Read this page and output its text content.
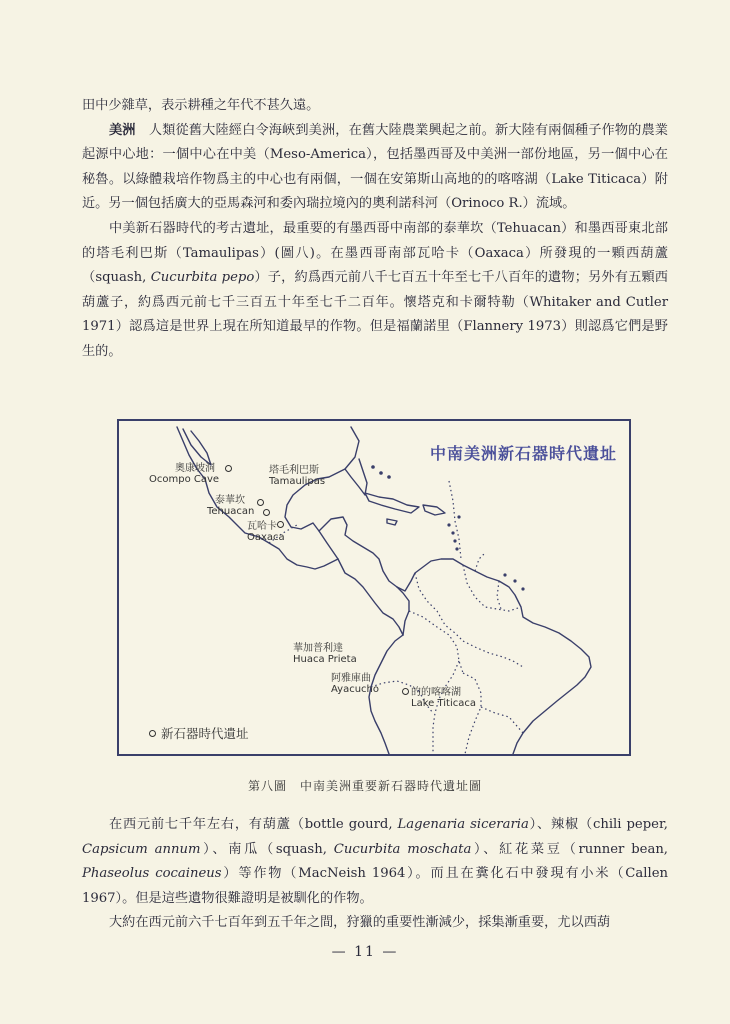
田中少雜草，表示耕種之年代不甚久遠。

美洲　人類從舊大陸經白令海峽到美洲，在舊大陸農業興起之前。新大陸有兩個種子作物的農業起源中心地：一個中心在中美（Meso-America），包括墨西哥及中美洲一部份地區，另一個中心在秘魯。以綠體栽培作物爲主的中心也有兩個，一個在安第斯山高地的的喀喀湖（Lake Titicaca）附近。另一個包括廣大的亞馬森河和委內瑞拉境內的奧利諾科河（Orinoco R.）流域。

中美新石器時代的考古遺址，最重要的有墨西哥中南部的泰華坎（Tehuacan）和墨西哥東北部的塔毛利巴斯（Tamaulipas）(圖八)。在墨西哥南部瓦哈卡（Oaxaca）所發現的一顆西葫蘆（squash, Cucurbita pepo）子，約爲西元前八千七百五十年至七千八百年的遺物；另外有五顆西葫蘆子，約爲西元前七千三百五十年至七千二百年。懷塔克和卡爾特勒（Whitaker and Cutler 1971）認爲這是世界上現在所知道最早的作物。但是福蘭諾里（Flannery 1973）則認爲它們是野生的。

中南美洲新石器時代遺址
奧康坡洞
Ocompo Cave
塔毛利巴斯
Tamaulipas
泰華坎
Tehuacan
瓦哈卡
Oaxaca
華加普利達
Huaca Prieta
阿雅庫曲
Ayacucho	的的喀喀湖
Lake Titicaca
新石器時代遺址
第八圖　中南美洲重要新石器時代遺址圖

在西元前七千年左右，有葫蘆（bottle gourd, Lagenaria siceraria）、辣椒（chili peper, Capsicum annum）、南瓜（squash, Cucurbita moschata）、紅花菜豆（runner bean, Phaseolus cocaineus）等作物（MacNeish 1964）。而且在糞化石中發現有小米（Callen 1967）。但是這些遺物很難證明是被馴化的作物。

大約在西元前六千七百年到五千年之間，狩獵的重要性漸減少，採集漸重要，尤以西葫

— 11 —
